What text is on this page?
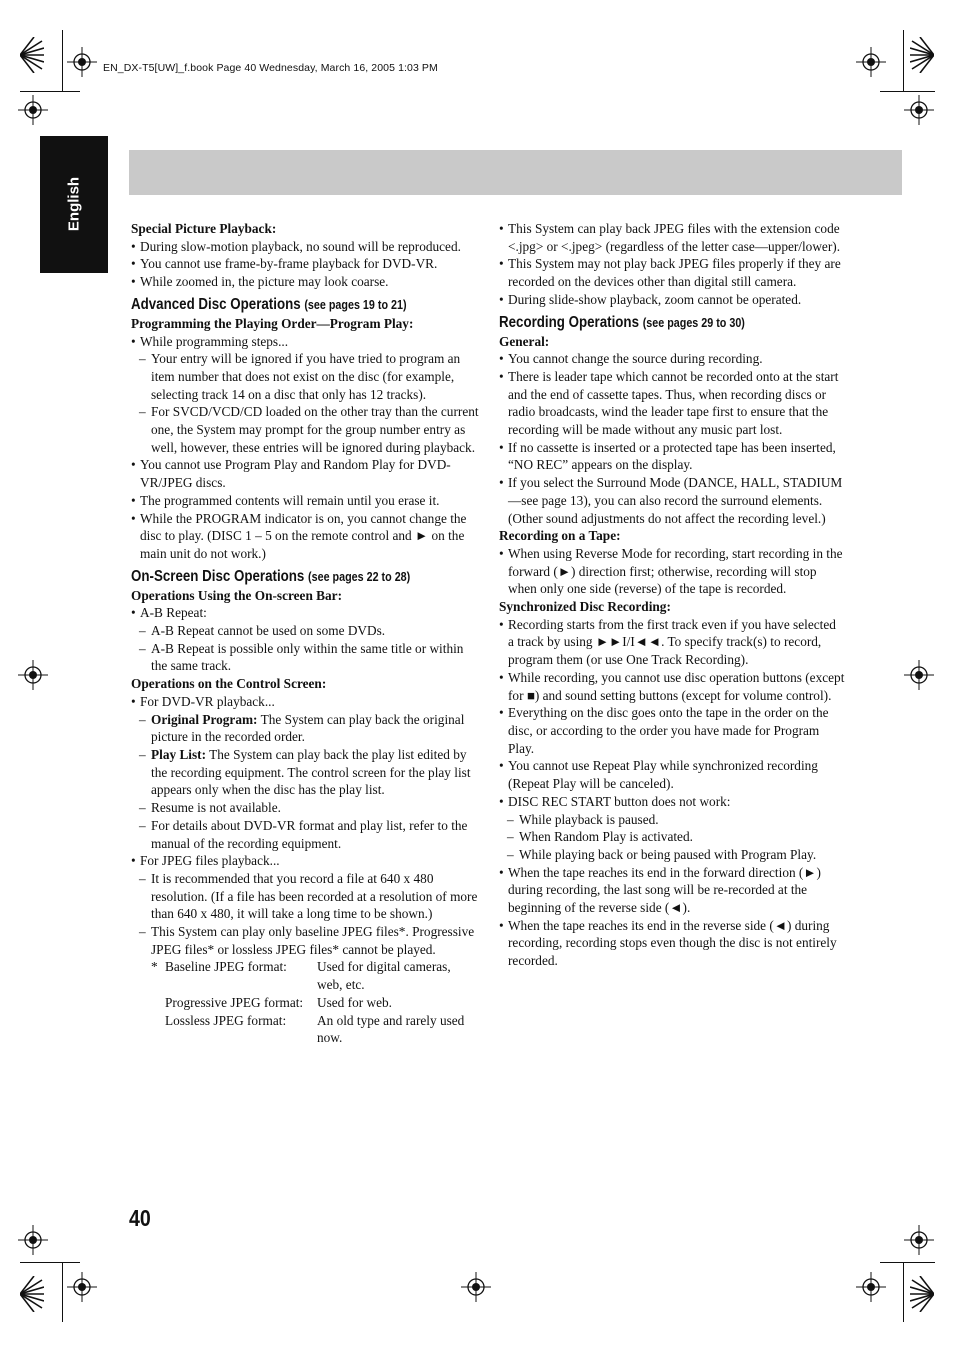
EN_DX-T5[UW]_f.book Page 40 Wednesday, March 16, 2005 1:03 PM
English	Special Picture Playback:
• During slow-motion playback, no sound will be reproduced.
• You cannot use frame-by-frame playback for DVD-VR.
• While zoomed in, the picture may look coarse.
Advanced Disc Operations (see pages 19 to 21)
Programming the Playing Order—Program Play:
• While programming steps...
– Your entry will be ignored if you have tried to program an item number that does not exist on the disc (for example, selecting track 14 on a disc that only has 12 tracks).
– For SVCD/VCD/CD loaded on the other tray than the current one, the System may prompt for the group number entry as well, however, these entries will be ignored during playback.
• You cannot use Program Play and Random Play for DVD-VR/JPEG discs.
• The programmed contents will remain until you erase it.
• While the PROGRAM indicator is on, you cannot change the disc to play. (DISC 1 – 5 on the remote control and ► on the main unit do not work.)
On-Screen Disc Operations (see pages 22 to 28)
Operations Using the On-screen Bar:
• A-B Repeat:
– A-B Repeat cannot be used on some DVDs.
– A-B Repeat is possible only within the same title or within the same track.
Operations on the Control Screen:
• For DVD-VR playback...
– Original Program: The System can play back the original picture in the recorded order.
– Play List: The System can play back the play list edited by the recording equipment. The control screen for the play list appears only when the disc has the play list.
– Resume is not available.
– For details about DVD-VR format and play list, refer to the manual of the recording equipment.
• For JPEG files playback...
– It is recommended that you record a file at 640 x 480 resolution. (If a file has been recorded at a resolution of more than 640 x 480, it will take a long time to be shown.)
– This System can play only baseline JPEG files*. Progressive JPEG files* or lossless JPEG files* cannot be played.
* Baseline JPEG format:	Used for digital cameras, web, etc.
Progressive JPEG format:	Used for web.
Lossless JPEG format:	An old type and rarely used now.
• This System can play back JPEG files with the extension code <.jpg> or <.jpeg> (regardless of the letter case—upper/lower).
• This System may not play back JPEG files properly if they are recorded on the devices other than digital still camera.
• During slide-show playback, zoom cannot be operated.
Recording Operations (see pages 29 to 30)
General:
• You cannot change the source during recording.
• There is leader tape which cannot be recorded onto at the start and the end of cassette tapes. Thus, when recording discs or radio broadcasts, wind the leader tape first to ensure that the recording will be made without any music part lost.
• If no cassette is inserted or a protected tape has been inserted, “NO REC” appears on the display.
• If you select the Surround Mode (DANCE, HALL, STADIUM—see page 13), you can also record the surround elements. (Other sound adjustments do not affect the recording level.)
Recording on a Tape:
• When using Reverse Mode for recording, start recording in the forward (►) direction first; otherwise, recording will stop when only one side (reverse) of the tape is recorded.
Synchronized Disc Recording:
• Recording starts from the first track even if you have selected a track by using ►►I/I◄◄. To specify track(s) to record, program them (or use One Track Recording).
• While recording, you cannot use disc operation buttons (except for ■) and sound setting buttons (except for volume control).
• Everything on the disc goes onto the tape in the order on the disc, or according to the order you have made for Program Play.
• You cannot use Repeat Play while synchronized recording (Repeat Play will be canceled).
• DISC REC START button does not work:
– While playback is paused.
– When Random Play is activated.
– While playing back or being paused with Program Play.
• When the tape reaches its end in the forward direction (►) during recording, the last song will be re-recorded at the beginning of the reverse side (◄).
• When the tape reaches its end in the reverse side (◄) during recording, recording stops even though the disc is not entirely recorded.
40
